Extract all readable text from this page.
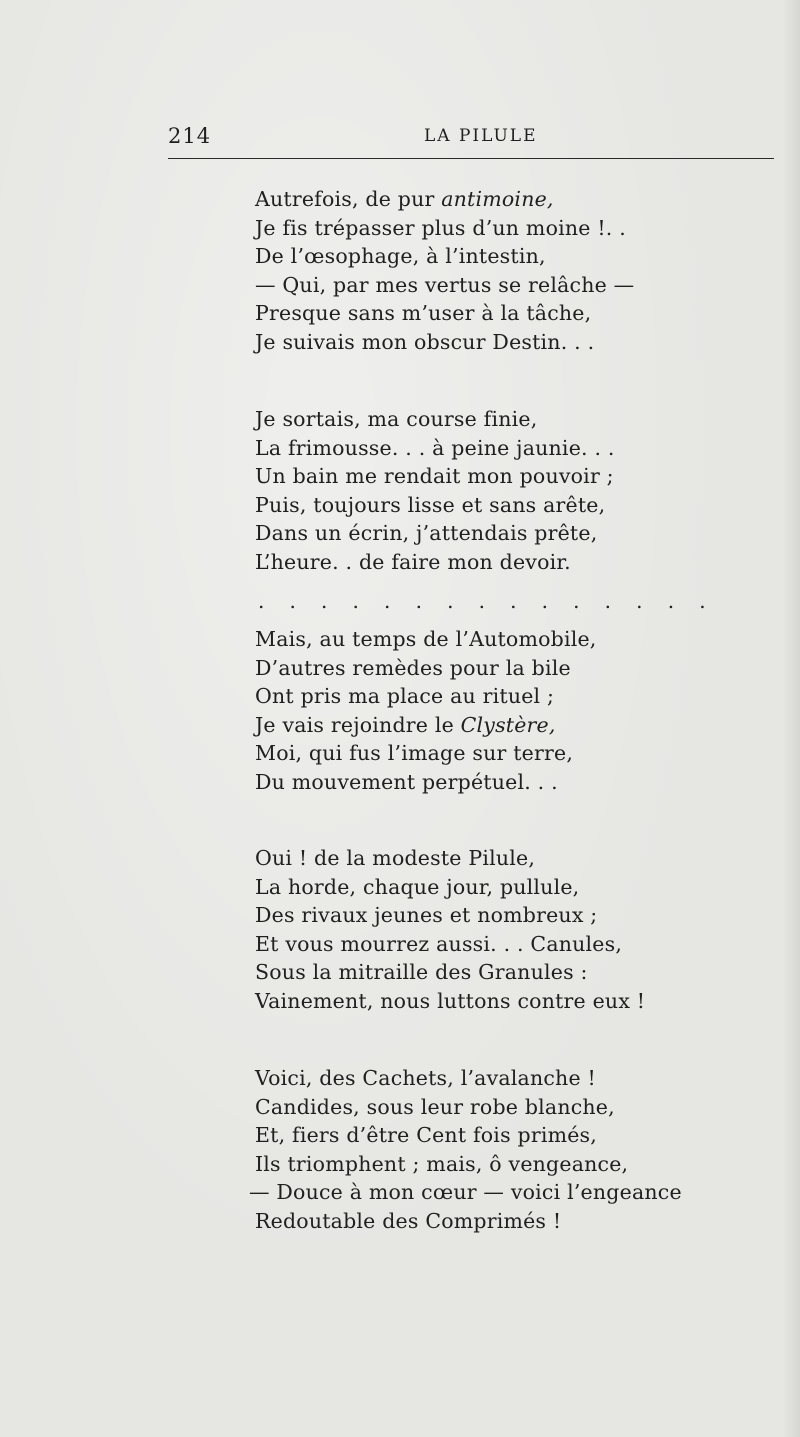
214	LA PILULE
Autrefois, de pur antimoine,
Je fis trépasser plus d’un moine !. .
De l’œsophage, à l’intestin,
— Qui, par mes vertus se relâche —
Presque sans m’user à la tâche,
Je suivais mon obscur Destin. . .
Je sortais, ma course finie,
La frimousse. . . à peine jaunie. . .
Un bain me rendait mon pouvoir ;
Puis, toujours lisse et sans arête,
Dans un écrin, j’attendais prête,
L’heure. . de faire mon devoir.
. . . . . . . . . . . . . . .
Mais, au temps de l’Automobile,
D’autres remèdes pour la bile
Ont pris ma place au rituel ;
Je vais rejoindre le Clystère,
Moi, qui fus l’image sur terre,
Du mouvement perpétuel. . .
Oui ! de la modeste Pilule,
La horde, chaque jour, pullule,
Des rivaux jeunes et nombreux ;
Et vous mourrez aussi. . . Canules,
Sous la mitraille des Granules :
Vainement, nous luttons contre eux !
Voici, des Cachets, l’avalanche !
Candides, sous leur robe blanche,
Et, fiers d’être Cent fois primés,
Ils triomphent ; mais, ô vengeance,
— Douce à mon cœur — voici l’engeance
Redoutable des Comprimés !
